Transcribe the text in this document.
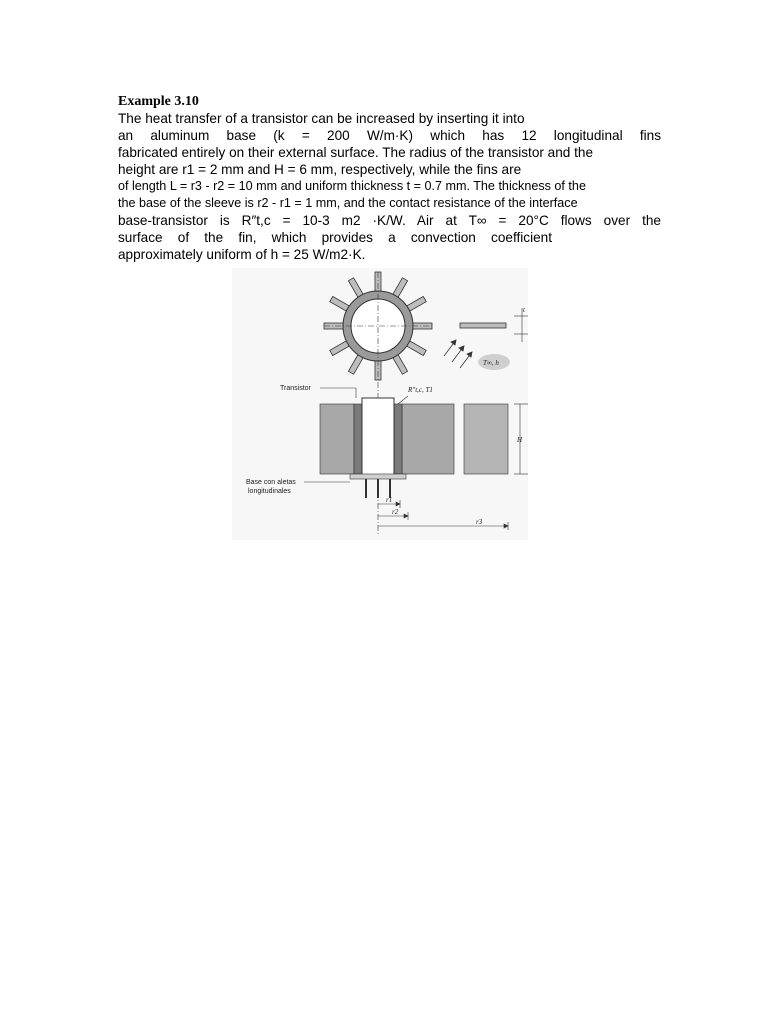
Example 3.10
The heat transfer of a transistor can be increased by inserting it into
an aluminum base (k = 200 W/m·K) which has 12 longitudinal fins
fabricated entirely on their external surface. The radius of the transistor and the
height are r1 = 2 mm and H = 6 mm, respectively, while the fins are
of length L = r3 - r2 = 10 mm and uniform thickness t = 0.7 mm. The thickness of the
the base of the sleeve is r2 - r1 = 1 mm, and the contact resistance of the interface
base-transistor is R″t,c = 10-3 m2 ·K/W. Air at T∞ = 20°C flows over the
surface of the fin, which provides a convection coefficient
approximately uniform of h = 25 W/m2·K.
t
T∞, h
Transistor	R″t,c, T1
H
Base con aletas
longitudinales
r1
r2
r3
